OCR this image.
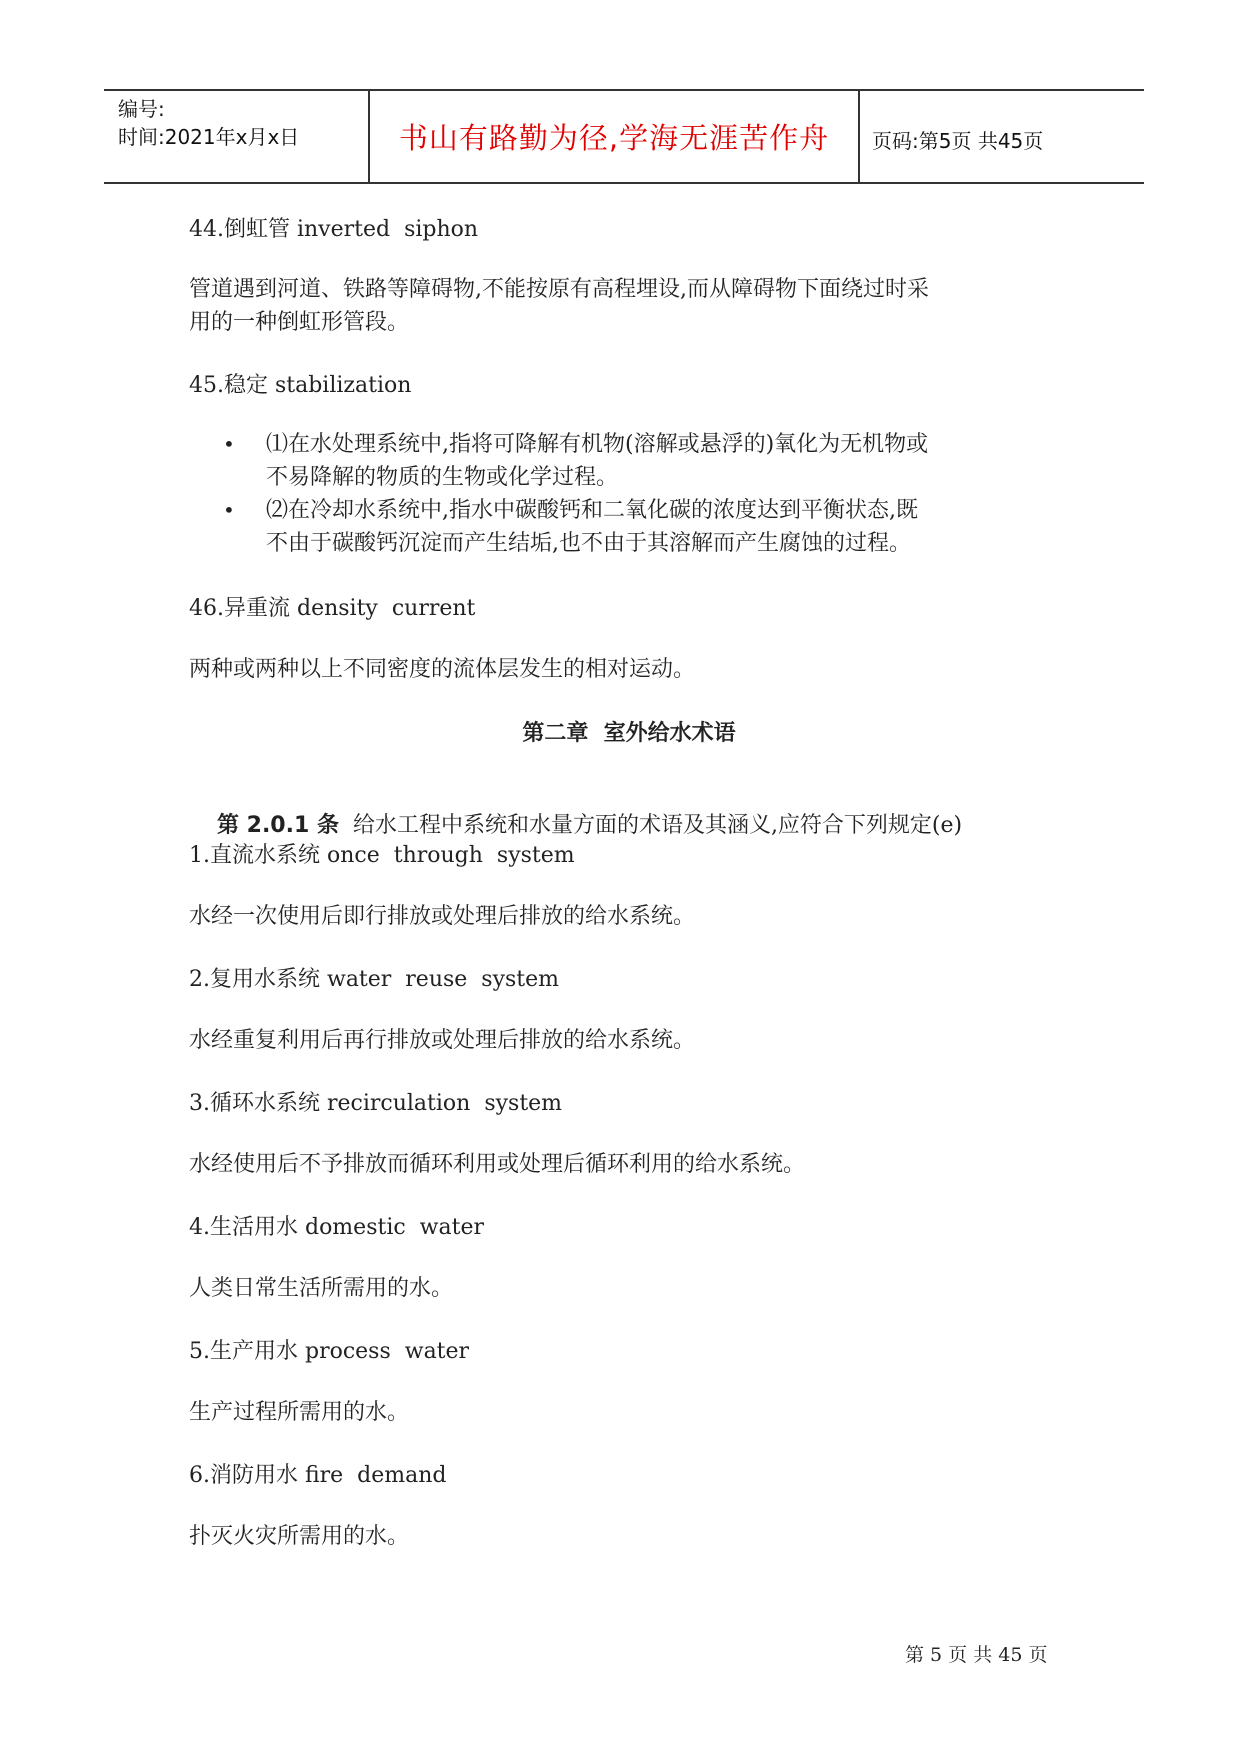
编号:
时间:2021年x月x日	书山有路勤为径,学海无涯苦作舟	页码:第5页 共45页
44.倒虹管 inverted  siphon
管道遇到河道、铁路等障碍物,不能按原有高程埋设,而从障碍物下面绕过时采
用的一种倒虹形管段。
45.稳定 stabilization
• ⑴在水处理系统中,指将可降解有机物(溶解或悬浮的)氧化为无机物或
不易降解的物质的生物或化学过程。
• ⑵在冷却水系统中,指水中碳酸钙和二氧化碳的浓度达到平衡状态,既
不由于碳酸钙沉淀而产生结垢,也不由于其溶解而产生腐蚀的过程。
46.异重流 density  current
两种或两种以上不同密度的流体层发生的相对运动。
第二章  室外给水术语

第 2.0.1 条  给水工程中系统和水量方面的术语及其涵义,应符合下列规定(e)

1.直流水系统 once  through  system
水经一次使用后即行排放或处理后排放的给水系统。
2.复用水系统 water  reuse  system
水经重复利用后再行排放或处理后排放的给水系统。
3.循环水系统 recirculation  system
水经使用后不予排放而循环利用或处理后循环利用的给水系统。
4.生活用水 domestic  water
人类日常生活所需用的水。
5.生产用水 process  water
生产过程所需用的水。
6.消防用水 fire  demand
扑灭火灾所需用的水。
第 5 页 共 45 页
